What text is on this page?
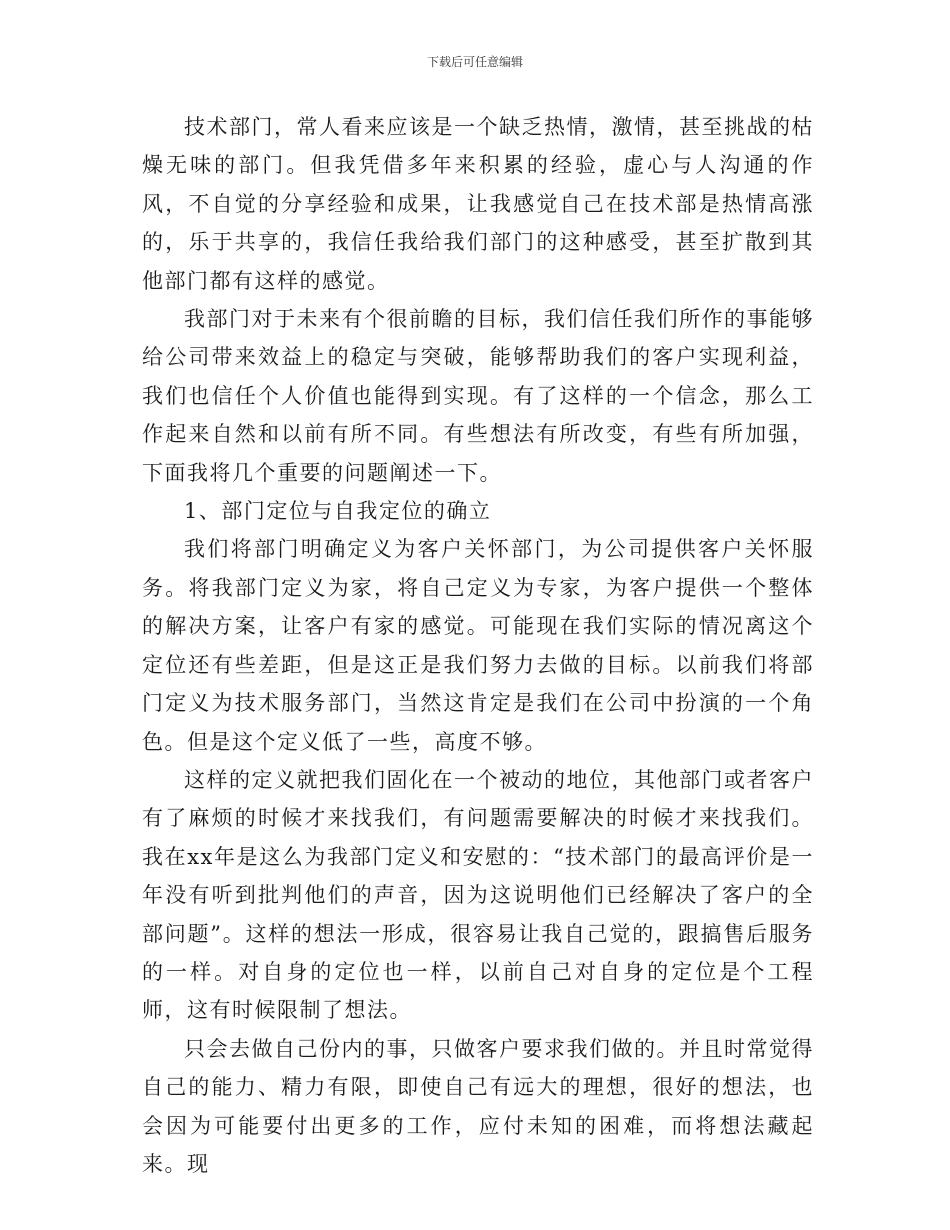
下载后可任意编辑

技术部门，常人看来应该是一个缺乏热情，激情，甚至挑战的枯燥无味的部门。但我凭借多年来积累的经验，虚心与人沟通的作风，不自觉的分享经验和成果，让我感觉自己在技术部是热情高涨的，乐于共享的，我信任我给我们部门的这种感受，甚至扩散到其他部门都有这样的感觉。

我部门对于未来有个很前瞻的目标，我们信任我们所作的事能够给公司带来效益上的稳定与突破，能够帮助我们的客户实现利益，我们也信任个人价值也能得到实现。有了这样的一个信念，那么工作起来自然和以前有所不同。有些想法有所改变，有些有所加强，下面我将几个重要的问题阐述一下。

1、部门定位与自我定位的确立

我们将部门明确定义为客户关怀部门，为公司提供客户关怀服务。将我部门定义为家，将自己定义为专家，为客户提供一个整体的解决方案，让客户有家的感觉。可能现在我们实际的情况离这个定位还有些差距，但是这正是我们努力去做的目标。以前我们将部门定义为技术服务部门，当然这肯定是我们在公司中扮演的一个角色。但是这个定义低了一些，高度不够。

这样的定义就把我们固化在一个被动的地位，其他部门或者客户有了麻烦的时候才来找我们，有问题需要解决的时候才来找我们。我在xx年是这么为我部门定义和安慰的：“技术部门的最高评价是一年没有听到批判他们的声音，因为这说明他们已经解决了客户的全部问题”。这样的想法一形成，很容易让我自己觉的，跟搞售后服务的一样。对自身的定位也一样，以前自己对自身的定位是个工程师，这有时候限制了想法。

只会去做自己份内的事，只做客户要求我们做的。并且时常觉得自己的能力、精力有限，即使自己有远大的理想，很好的想法，也会因为可能要付出更多的工作，应付未知的困难，而将想法藏起来。现
